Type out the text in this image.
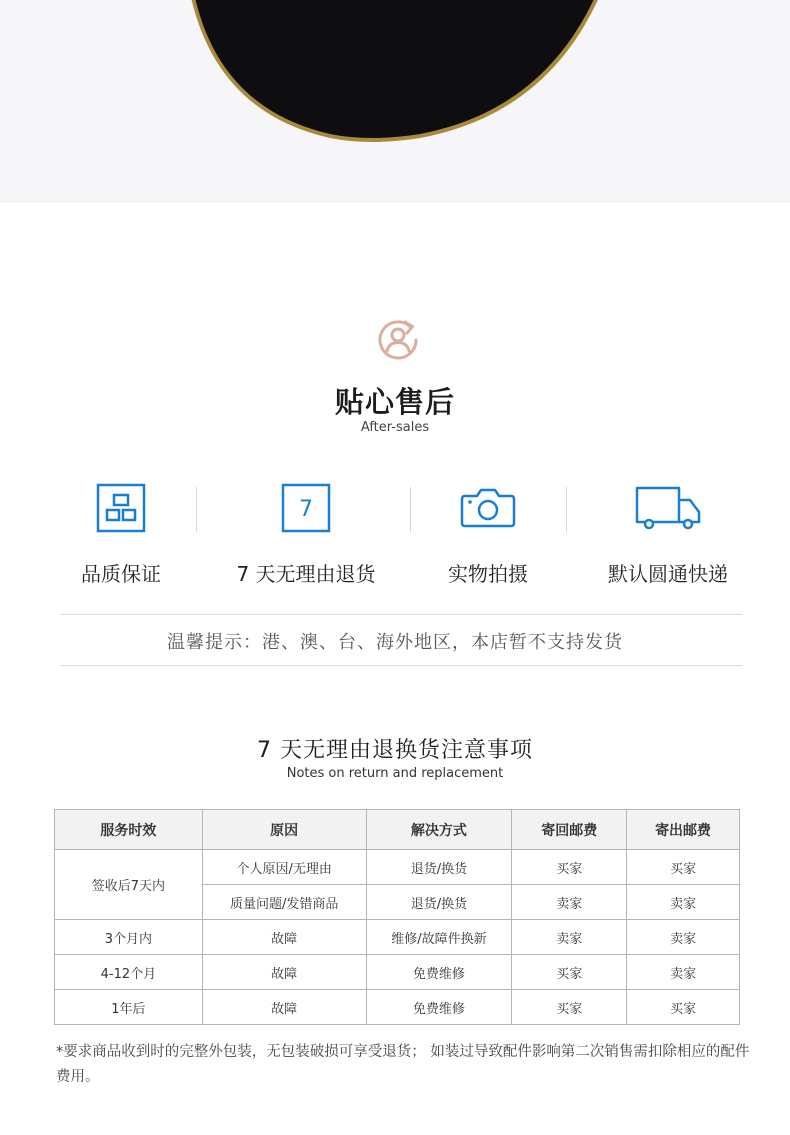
贴心售后
After-sales
品质保证
7
7 天无理由退货	实物拍摄	默认圆通快递
温馨提示：港、澳、台、海外地区，本店暂不支持发货
7 天无理由退换货注意事项
Notes on return and replacement
服务时效	原因	解决方式	寄回邮费	寄出邮费
签收后7天内	个人原因/无理由	退货/换货	买家	买家
	质量问题/发错商品	退货/换货	卖家	卖家
3个月内	故障	维修/故障件换新	卖家	卖家
4-12个月	故障	免费维修	买家	卖家
1年后	故障	免费维修	买家	买家
*要求商品收到时的完整外包装，无包装破损可享受退货； 如装过导致配件影响第二次销售需扣除相应的配件费用。
